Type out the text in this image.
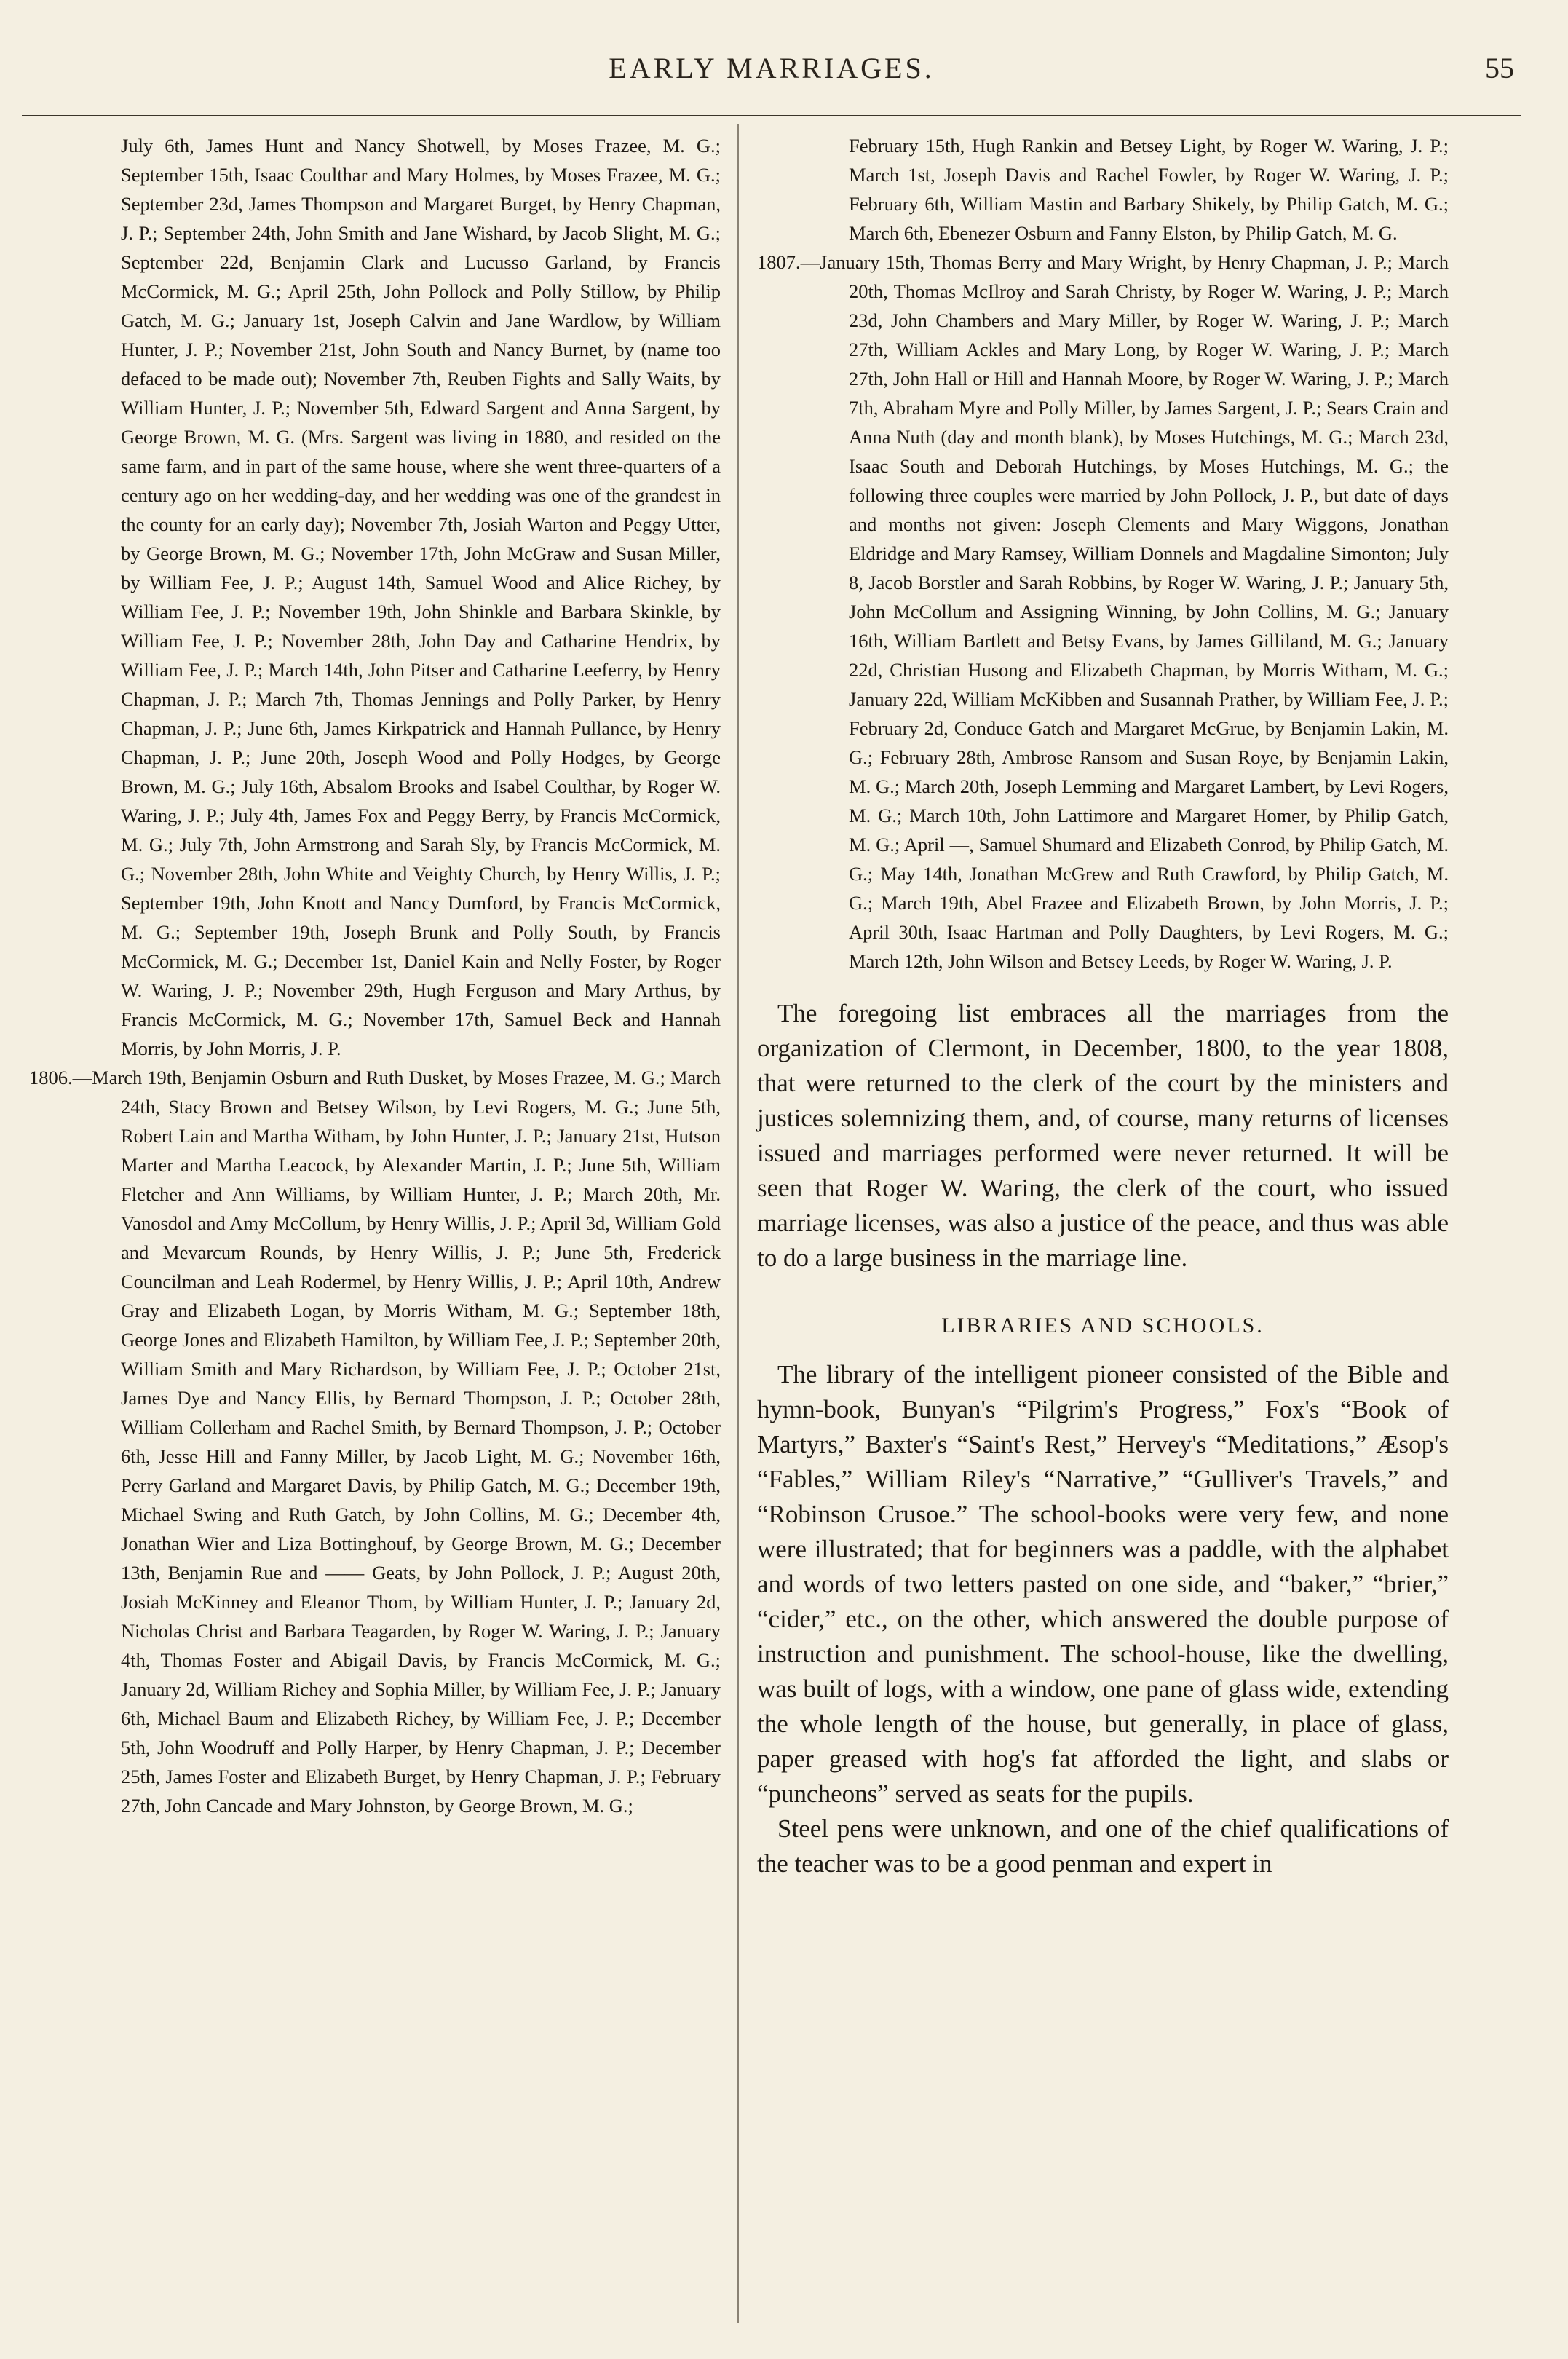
EARLY MARRIAGES.	55

July 6th, James Hunt and Nancy Shotwell, by Moses Frazee, M. G.; September 15th, Isaac Coulthar and Mary Holmes, by Moses Frazee, M. G.; September 23d, James Thompson and Margaret Burget, by Henry Chapman, J. P.; September 24th, John Smith and Jane Wishard, by Jacob Slight, M. G.; September 22d, Benjamin Clark and Lucusso Garland, by Francis McCormick, M. G.; April 25th, John Pollock and Polly Stillow, by Philip Gatch, M. G.; January 1st, Joseph Calvin and Jane Wardlow, by William Hunter, J. P.; November 21st, John South and Nancy Burnet, by (name too defaced to be made out); November 7th, Reuben Fights and Sally Waits, by William Hunter, J. P.; November 5th, Edward Sargent and Anna Sargent, by George Brown, M. G. (Mrs. Sargent was living in 1880, and resided on the same farm, and in part of the same house, where she went three-quarters of a century ago on her wedding-day, and her wedding was one of the grandest in the county for an early day); November 7th, Josiah Warton and Peggy Utter, by George Brown, M. G.; November 17th, John McGraw and Susan Miller, by William Fee, J. P.; August 14th, Samuel Wood and Alice Richey, by William Fee, J. P.; November 19th, John Shinkle and Barbara Skinkle, by William Fee, J. P.; November 28th, John Day and Catharine Hendrix, by William Fee, J. P.; March 14th, John Pitser and Catharine Leeferry, by Henry Chapman, J. P.; March 7th, Thomas Jennings and Polly Parker, by Henry Chapman, J. P.; June 6th, James Kirkpatrick and Hannah Pullance, by Henry Chapman, J. P.; June 20th, Joseph Wood and Polly Hodges, by George Brown, M. G.; July 16th, Absalom Brooks and Isabel Coulthar, by Roger W. Waring, J. P.; July 4th, James Fox and Peggy Berry, by Francis McCormick, M. G.; July 7th, John Armstrong and Sarah Sly, by Francis McCormick, M. G.; November 28th, John White and Veighty Church, by Henry Willis, J. P.; September 19th, John Knott and Nancy Dumford, by Francis McCormick, M. G.; September 19th, Joseph Brunk and Polly South, by Francis McCormick, M. G.; December 1st, Daniel Kain and Nelly Foster, by Roger W. Waring, J. P.; November 29th, Hugh Ferguson and Mary Arthus, by Francis McCormick, M. G.; November 17th, Samuel Beck and Hannah Morris, by John Morris, J. P.

1806.—March 19th, Benjamin Osburn and Ruth Dusket, by Moses Frazee, M. G.; March 24th, Stacy Brown and Betsey Wilson, by Levi Rogers, M. G.; June 5th, Robert Lain and Martha Witham, by John Hunter, J. P.; January 21st, Hutson Marter and Martha Leacock, by Alexander Martin, J. P.; June 5th, William Fletcher and Ann Williams, by William Hunter, J. P.; March 20th, Mr. Vanosdol and Amy McCollum, by Henry Willis, J. P.; April 3d, William Gold and Mevarcum Rounds, by Henry Willis, J. P.; June 5th, Frederick Councilman and Leah Rodermel, by Henry Willis, J. P.; April 10th, Andrew Gray and Elizabeth Logan, by Morris Witham, M. G.; September 18th, George Jones and Elizabeth Hamilton, by William Fee, J. P.; September 20th, William Smith and Mary Richardson, by William Fee, J. P.; October 21st, James Dye and Nancy Ellis, by Bernard Thompson, J. P.; October 28th, William Collerham and Rachel Smith, by Bernard Thompson, J. P.; October 6th, Jesse Hill and Fanny Miller, by Jacob Light, M. G.; November 16th, Perry Garland and Margaret Davis, by Philip Gatch, M. G.; December 19th, Michael Swing and Ruth Gatch, by John Collins, M. G.; December 4th, Jonathan Wier and Liza Bottinghouf, by George Brown, M. G.; December 13th, Benjamin Rue and —— Geats, by John Pollock, J. P.; August 20th, Josiah McKinney and Eleanor Thom, by William Hunter, J. P.; January 2d, Nicholas Christ and Barbara Teagarden, by Roger W. Waring, J. P.; January 4th, Thomas Foster and Abigail Davis, by Francis McCormick, M. G.; January 2d, William Richey and Sophia Miller, by William Fee, J. P.; January 6th, Michael Baum and Elizabeth Richey, by William Fee, J. P.; December 5th, John Woodruff and Polly Harper, by Henry Chapman, J. P.; December 25th, James Foster and Elizabeth Burget, by Henry Chapman, J. P.; February 27th, John Cancade and Mary Johnston, by George Brown, M. G.;

February 15th, Hugh Rankin and Betsey Light, by Roger W. Waring, J. P.; March 1st, Joseph Davis and Rachel Fowler, by Roger W. Waring, J. P.; February 6th, William Mastin and Barbary Shikely, by Philip Gatch, M. G.; March 6th, Ebenezer Osburn and Fanny Elston, by Philip Gatch, M. G.

1807.—January 15th, Thomas Berry and Mary Wright, by Henry Chapman, J. P.; March 20th, Thomas McIlroy and Sarah Christy, by Roger W. Waring, J. P.; March 23d, John Chambers and Mary Miller, by Roger W. Waring, J. P.; March 27th, William Ackles and Mary Long, by Roger W. Waring, J. P.; March 27th, John Hall or Hill and Hannah Moore, by Roger W. Waring, J. P.; March 7th, Abraham Myre and Polly Miller, by James Sargent, J. P.; Sears Crain and Anna Nuth (day and month blank), by Moses Hutchings, M. G.; March 23d, Isaac South and Deborah Hutchings, by Moses Hutchings, M. G.; the following three couples were married by John Pollock, J. P., but date of days and months not given: Joseph Clements and Mary Wiggons, Jonathan Eldridge and Mary Ramsey, William Donnels and Magdaline Simonton; July 8, Jacob Borstler and Sarah Robbins, by Roger W. Waring, J. P.; January 5th, John McCollum and Assigning Winning, by John Collins, M. G.; January 16th, William Bartlett and Betsy Evans, by James Gilliland, M. G.; January 22d, Christian Husong and Elizabeth Chapman, by Morris Witham, M. G.; January 22d, William McKibben and Susannah Prather, by William Fee, J. P.; February 2d, Conduce Gatch and Margaret McGrue, by Benjamin Lakin, M. G.; February 28th, Ambrose Ransom and Susan Roye, by Benjamin Lakin, M. G.; March 20th, Joseph Lemming and Margaret Lambert, by Levi Rogers, M. G.; March 10th, John Lattimore and Margaret Homer, by Philip Gatch, M. G.; April —, Samuel Shumard and Elizabeth Conrod, by Philip Gatch, M. G.; May 14th, Jonathan McGrew and Ruth Crawford, by Philip Gatch, M. G.; March 19th, Abel Frazee and Elizabeth Brown, by John Morris, J. P.; April 30th, Isaac Hartman and Polly Daughters, by Levi Rogers, M. G.; March 12th, John Wilson and Betsey Leeds, by Roger W. Waring, J. P.

The foregoing list embraces all the marriages from the organization of Clermont, in December, 1800, to the year 1808, that were returned to the clerk of the court by the ministers and justices solemnizing them, and, of course, many returns of licenses issued and marriages performed were never returned. It will be seen that Roger W. Waring, the clerk of the court, who issued marriage licenses, was also a justice of the peace, and thus was able to do a large business in the marriage line.

LIBRARIES AND SCHOOLS.

The library of the intelligent pioneer consisted of the Bible and hymn-book, Bunyan's “Pilgrim's Progress,” Fox's “Book of Martyrs,” Baxter's “Saint's Rest,” Hervey's “Meditations,” Æsop's “Fables,” William Riley's “Narrative,” “Gulliver's Travels,” and “Robinson Crusoe.” The school-books were very few, and none were illustrated; that for beginners was a paddle, with the alphabet and words of two letters pasted on one side, and “baker,” “brier,” “cider,” etc., on the other, which answered the double purpose of instruction and punishment. The school-house, like the dwelling, was built of logs, with a window, one pane of glass wide, extending the whole length of the house, but generally, in place of glass, paper greased with hog's fat afforded the light, and slabs or “puncheons” served as seats for the pupils.

Steel pens were unknown, and one of the chief qualifications of the teacher was to be a good penman and expert in
